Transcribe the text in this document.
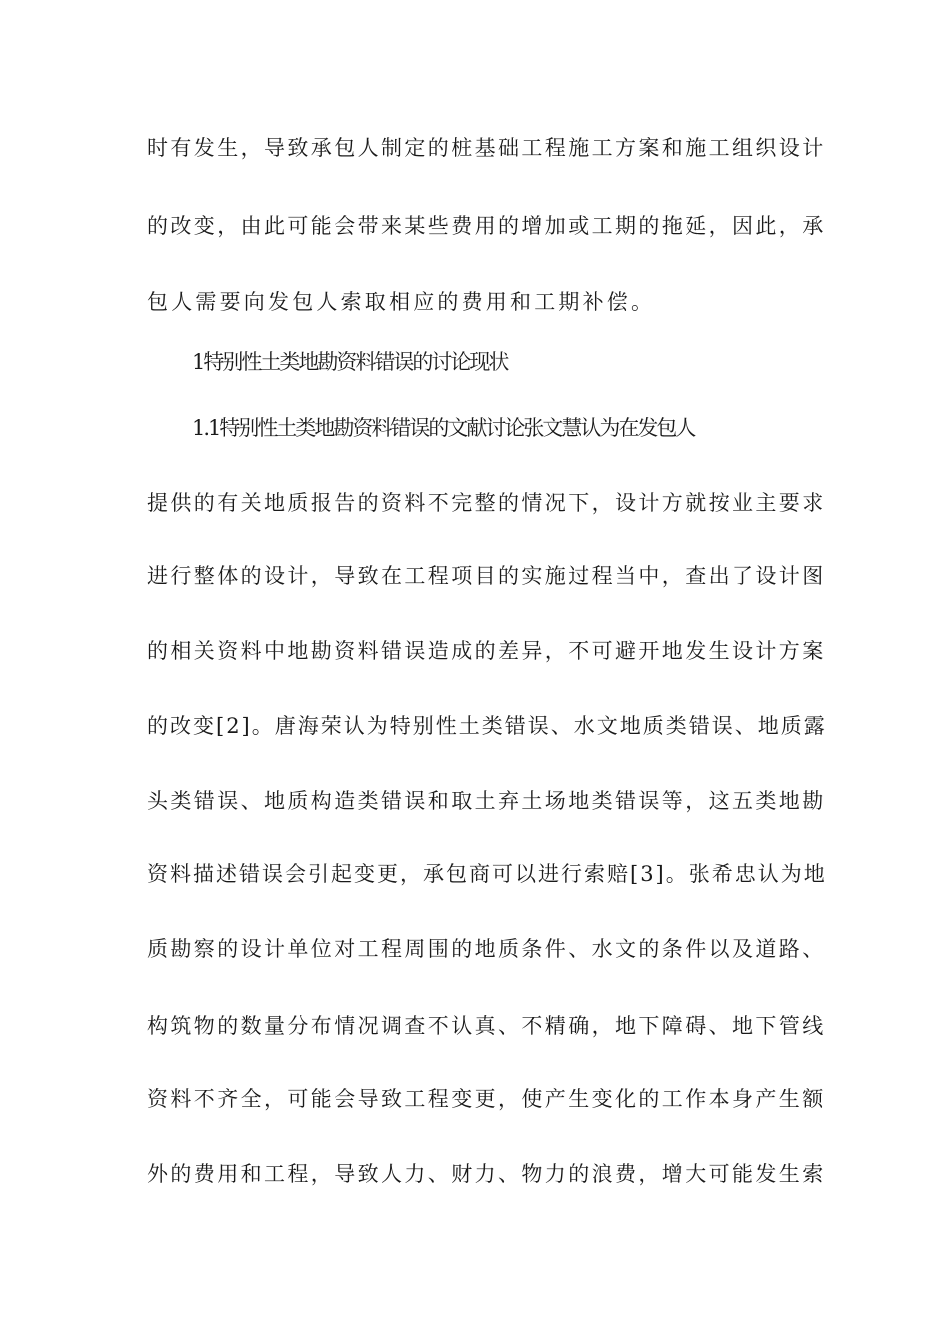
时有发生，导致承包人制定的桩基础工程施工方案和施工组织设计
的改变，由此可能会带来某些费用的增加或工期的拖延，因此，承
包人需要向发包人索取相应的费用和工期补偿。
1特别性土类地勘资料错误的讨论现状
1.1特别性土类地勘资料错误的文献讨论张文慧认为在发包人
提供的有关地质报告的资料不完整的情况下，设计方就按业主要求
进行整体的设计，导致在工程项目的实施过程当中，查出了设计图
的相关资料中地勘资料错误造成的差异，不可避开地发生设计方案
的改变[2]。唐海荣认为特别性土类错误、水文地质类错误、地质露
头类错误、地质构造类错误和取土弃土场地类错误等，这五类地勘
资料描述错误会引起变更，承包商可以进行索赔[3]。张希忠认为地
质勘察的设计单位对工程周围的地质条件、水文的条件以及道路、
构筑物的数量分布情况调查不认真、不精确，地下障碍、地下管线
资料不齐全，可能会导致工程变更，使产生变化的工作本身产生额
外的费用和工程，导致人力、财力、物力的浪费，增大可能发生索
